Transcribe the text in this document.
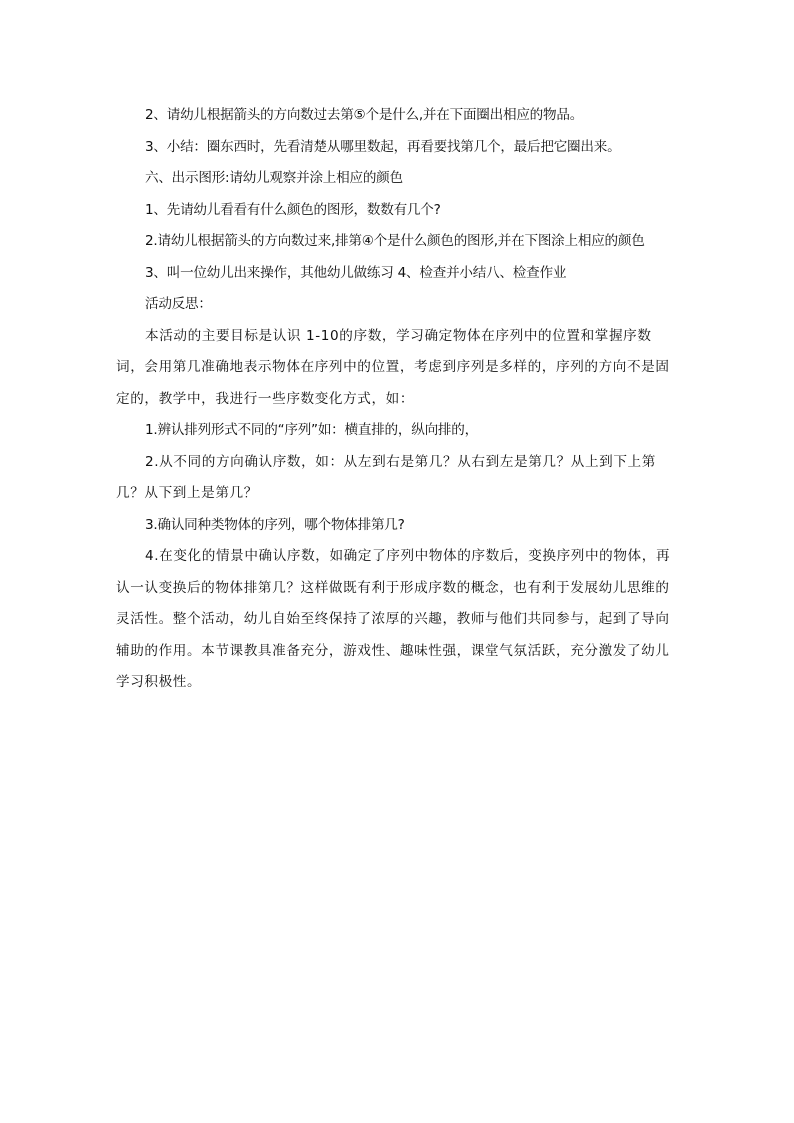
2、请幼儿根据箭头的方向数过去第⑤个是什么,并在下面圈出相应的物品。

3、小结：圈东西时，先看清楚从哪里数起，再看要找第几个，最后把它圈出来。

六、出示图形:请幼儿观察并涂上相应的颜色

1、先请幼儿看看有什么颜色的图形，数数有几个?

2.请幼儿根据箭头的方向数过来,排第④个是什么颜色的图形,并在下图涂上相应的颜色

3、叫一位幼儿出来操作，其他幼儿做练习 4、检查并小结八、检查作业

活动反思：

本活动的主要目标是认识 1-10的序数，学习确定物体在序列中的位置和掌握序数词，会用第几准确地表示物体在序列中的位置，考虑到序列是多样的，序列的方向不是固定的，教学中，我进行一些序数变化方式，如：

1.辨认排列形式不同的“序列”如：横直排的，纵向排的，

2.从不同的方向确认序数，如：从左到右是第几？从右到左是第几？从上到下上第几？从下到上是第几？

3.确认同种类物体的序列，哪个物体排第几?

4.在变化的情景中确认序数，如确定了序列中物体的序数后，变换序列中的物体，再认一认变换后的物体排第几？这样做既有利于形成序数的概念，也有利于发展幼儿思维的灵活性。整个活动，幼儿自始至终保持了浓厚的兴趣，教师与他们共同参与，起到了导向辅助的作用。本节课教具准备充分，游戏性、趣味性强，课堂气氛活跃，充分激发了幼儿学习积极性。
